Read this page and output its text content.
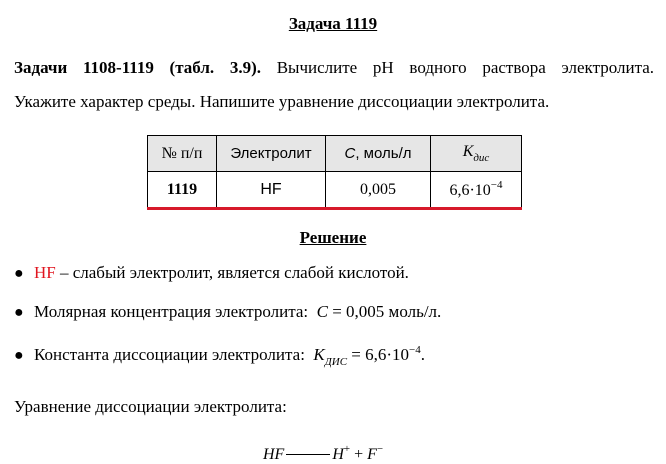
Задача 1119
Задачи 1108-1119 (табл. 3.9). Вычислите pH водного раствора электролита.
Укажите характер среды. Напишите уравнение диссоциации электролита.
№ п/п	Электролит	C, моль/л	$K_{дис}$
1119	HF	0,005	$6,6\cdot 10^{-4}$
Решение
● HF – слабый электролит, является слабой кислотой.
● Молярная концентрация электролита: C = 0,005 моль/л.
● Константа диссоциации электролита: $K_{ДИС} = 6,6\cdot 10^{-4}$.
Уравнение диссоциации электролита:
HF	H+ + F−
